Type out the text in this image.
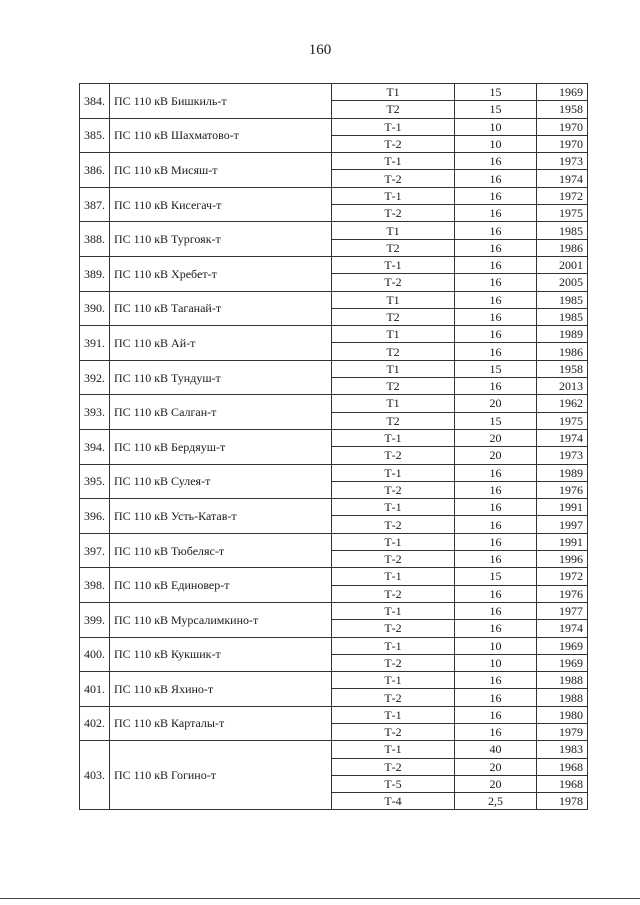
160
384.	ПС 110 кВ Бишкиль-т	Т1	15	1969
		Т2	15	1958
385.	ПС 110 кВ Шахматово-т	Т-1	10	1970
		Т-2	10	1970
386.	ПС 110 кВ Мисяш-т	Т-1	16	1973
		Т-2	16	1974
387.	ПС 110 кВ Кисегач-т	Т-1	16	1972
		Т-2	16	1975
388.	ПС 110 кВ Тургояк-т	Т1	16	1985
		Т2	16	1986
389.	ПС 110 кВ Хребет-т	Т-1	16	2001
		Т-2	16	2005
390.	ПС 110 кВ Таганай-т	Т1	16	1985
		Т2	16	1985
391.	ПС 110 кВ Ай-т	Т1	16	1989
		Т2	16	1986
392.	ПС 110 кВ Тундуш-т	Т1	15	1958
		Т2	16	2013
393.	ПС 110 кВ Салган-т	Т1	20	1962
		Т2	15	1975
394.	ПС 110 кВ Бердяуш-т	Т-1	20	1974
		Т-2	20	1973
395.	ПС 110 кВ Сулея-т	Т-1	16	1989
		Т-2	16	1976
396.	ПС 110 кВ Усть-Катав-т	Т-1	16	1991
		Т-2	16	1997
397.	ПС 110 кВ Тюбеляс-т	Т-1	16	1991
		Т-2	16	1996
398.	ПС 110 кВ Единовер-т	Т-1	15	1972
		Т-2	16	1976
399.	ПС 110 кВ Мурсалимкино-т	Т-1	16	1977
		Т-2	16	1974
400.	ПС 110 кВ Кукшик-т	Т-1	10	1969
		Т-2	10	1969
401.	ПС 110 кВ Яхино-т	Т-1	16	1988
		Т-2	16	1988
402.	ПС 110 кВ Карталы-т	Т-1	16	1980
		Т-2	16	1979
403.	ПС 110 кВ Гогино-т	Т-1	40	1983
		Т-2	20	1968
		Т-5	20	1968
		Т-4	2,5	1978
